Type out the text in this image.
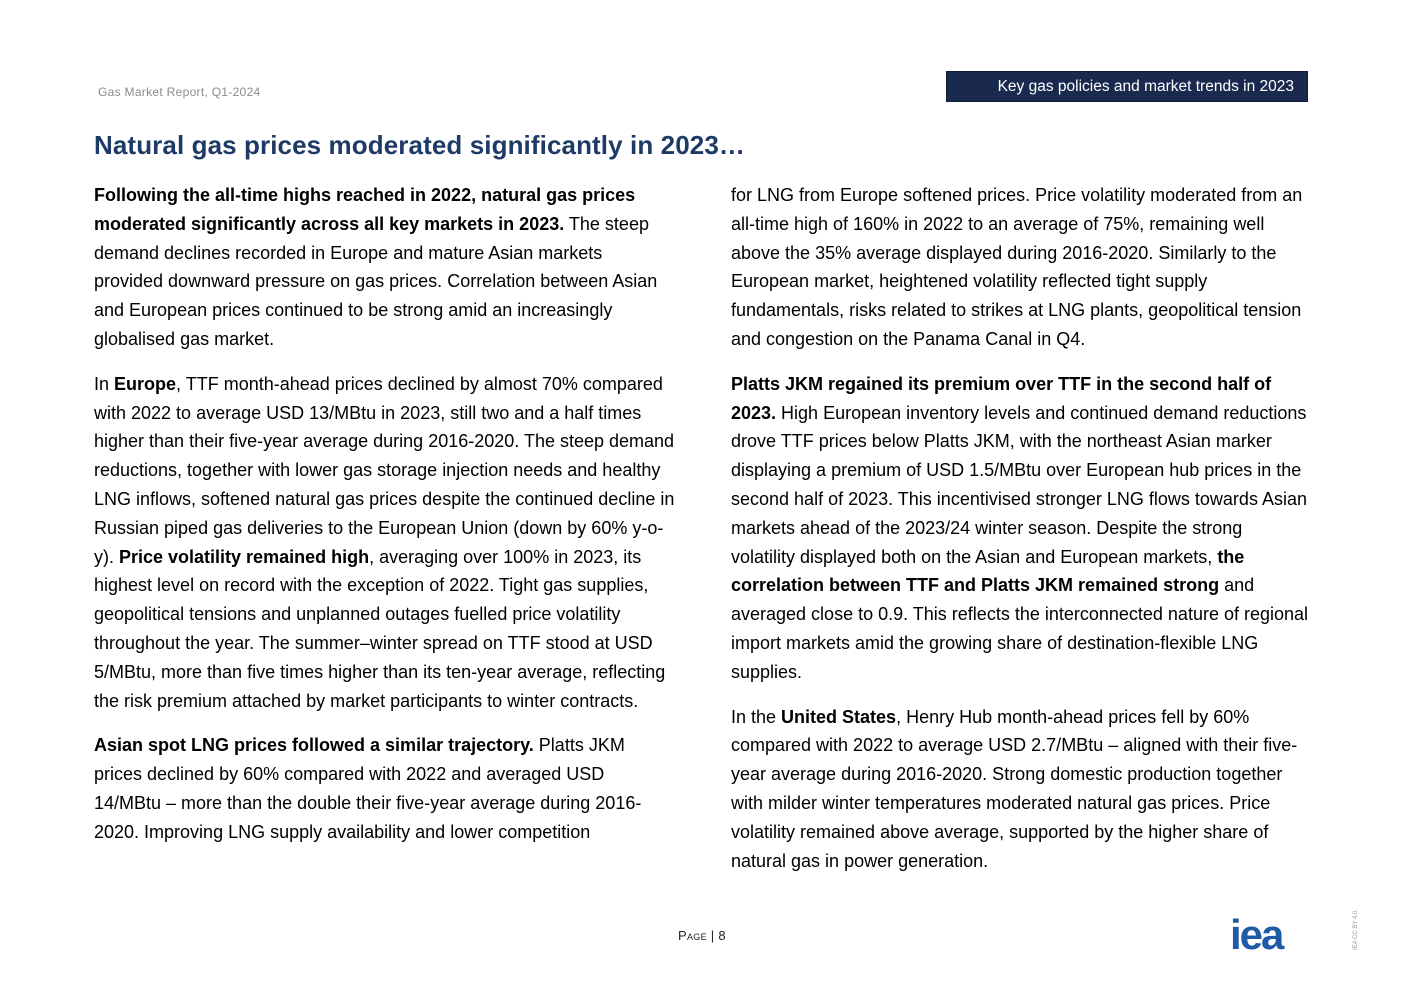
Gas Market Report, Q1-2024	Key gas policies and market trends in 2023
Natural gas prices moderated significantly in 2023…

Following the all-time highs reached in 2022, natural gas prices moderated significantly across all key markets in 2023. The steep demand declines recorded in Europe and mature Asian markets provided downward pressure on gas prices. Correlation between Asian and European prices continued to be strong amid an increasingly globalised gas market.

In Europe, TTF month-ahead prices declined by almost 70% compared with 2022 to average USD 13/MBtu in 2023, still two and a half times higher than their five-year average during 2016-2020. The steep demand reductions, together with lower gas storage injection needs and healthy LNG inflows, softened natural gas prices despite the continued decline in Russian piped gas deliveries to the European Union (down by 60% y-o-y). Price volatility remained high, averaging over 100% in 2023, its highest level on record with the exception of 2022. Tight gas supplies, geopolitical tensions and unplanned outages fuelled price volatility throughout the year. The summer–winter spread on TTF stood at USD 5/MBtu, more than five times higher than its ten-year average, reflecting the risk premium attached by market participants to winter contracts.

Asian spot LNG prices followed a similar trajectory. Platts JKM prices declined by 60% compared with 2022 and averaged USD 14/MBtu – more than the double their five-year average during 2016-2020. Improving LNG supply availability and lower competition

for LNG from Europe softened prices. Price volatility moderated from an all-time high of 160% in 2022 to an average of 75%, remaining well above the 35% average displayed during 2016-2020. Similarly to the European market, heightened volatility reflected tight supply fundamentals, risks related to strikes at LNG plants, geopolitical tension and congestion on the Panama Canal in Q4.

Platts JKM regained its premium over TTF in the second half of 2023. High European inventory levels and continued demand reductions drove TTF prices below Platts JKM, with the northeast Asian marker displaying a premium of USD 1.5/MBtu over European hub prices in the second half of 2023. This incentivised stronger LNG flows towards Asian markets ahead of the 2023/24 winter season. Despite the strong volatility displayed both on the Asian and European markets, the correlation between TTF and Platts JKM remained strong and averaged close to 0.9. This reflects the interconnected nature of regional import markets amid the growing share of destination-flexible LNG supplies.

In the United States, Henry Hub month-ahead prices fell by 60% compared with 2022 to average USD 2.7/MBtu – aligned with their five-year average during 2016-2020. Strong domestic production together with milder winter temperatures moderated natural gas prices. Price volatility remained above average, supported by the higher share of natural gas in power generation.

Page | 8	iea	IEA CC BY 4.0.
